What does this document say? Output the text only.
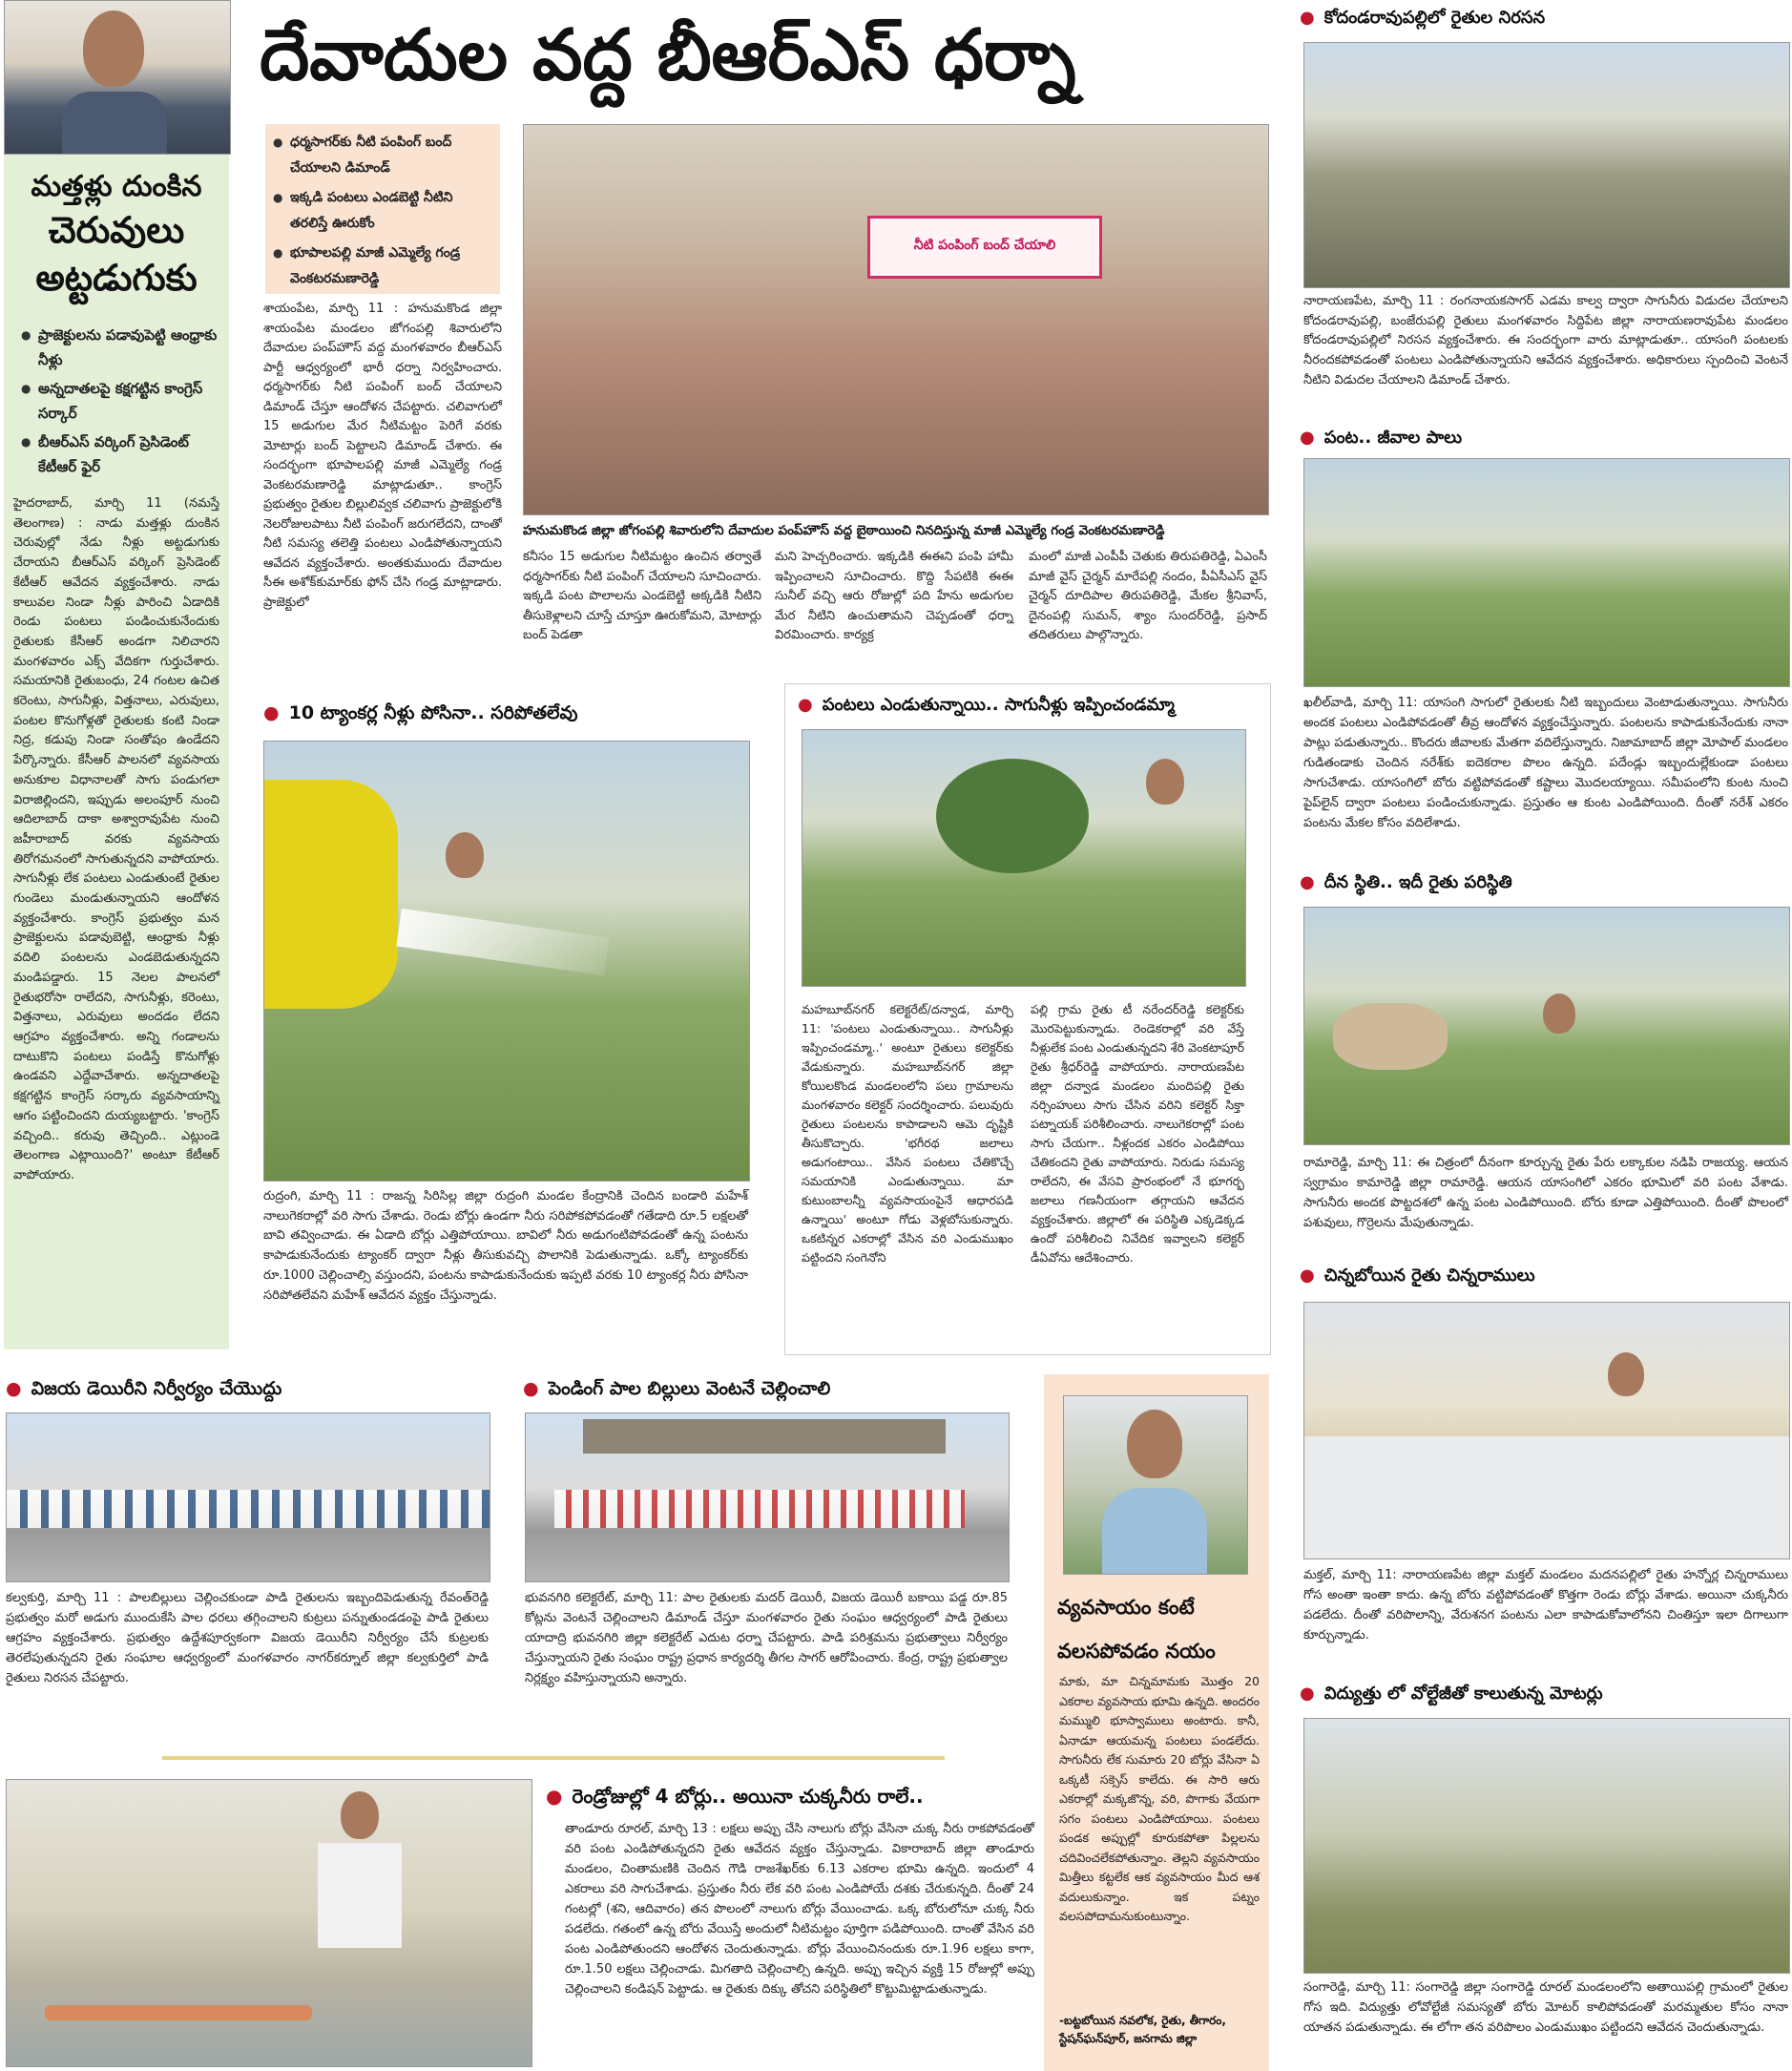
మత్తళ్లు దుంకిన
చెరువులు
అట్టడుగుకు
● ప్రాజెక్టులను పడావుపెట్టి ఆంధ్రాకు నీళ్లు
● అన్నదాతలపై కక్షగట్టిన కాంగ్రెస్ సర్కార్
● బీఆర్ఎస్ వర్కింగ్ ప్రెసిడెంట్ కేటీఆర్ ఫైర్
హైదరాబాద్, మార్చి 11 (నమస్తే తెలంగాణ) : నాడు మత్తళ్లు దుంకిన చెరువుల్లో నేడు నీళ్లు అట్టడుగుకు చేరాయని బీఆర్ఎస్ వర్కింగ్ ప్రెసిడెంట్ కేటీఆర్ ఆవేదన వ్యక్తంచేశారు. నాడు కాలువల నిండా నీళ్లు పారించి ఏడాదికి రెండు పంటలు పండించుకునేందుకు రైతులకు కేసీఆర్ అండగా నిలిచారని మంగళవారం ఎక్స్ వేదికగా గుర్తుచేశారు. సమయానికి రైతుబంధు, 24 గంటల ఉచిత కరెంటు, సాగునీళ్లు, విత్తనాలు, ఎరువులు, పంటల కొనుగోళ్లతో రైతులకు కంటి నిండా నిద్ర, కడుపు నిండా సంతోషం ఉండేదని పేర్కొన్నారు. కేసీఆర్ పాలనలో వ్యవసాయ అనుకూల విధానాలతో సాగు పండుగలా విరాజిల్లిందని, ఇప్పుడు అలంపూర్ నుంచి ఆదిలాబాద్ దాకా అశ్వారావుపేట నుంచి జహీరాబాద్ వరకు వ్యవసాయ తిరోగమనంలో సాగుతున్నదని వాపోయారు. సాగునీళ్లు లేక పంటలు ఎండుతుంటే రైతుల గుండెలు మండుతున్నాయని ఆందోళన వ్యక్తంచేశారు. కాంగ్రెస్ ప్రభుత్వం మన ప్రాజెక్టులను పడావుబెట్టి, ఆంధ్రాకు నీళ్లు వదిలి పంటలను ఎండబెడుతున్నదని మండిపడ్డారు. 15 నెలల పాలనలో రైతుభరోసా రాలేదని, సాగునీళ్లు, కరెంటు, విత్తనాలు, ఎరువులు అందడం లేదని ఆగ్రహం వ్యక్తంచేశారు. అన్ని గండాలను దాటుకొని పంటలు పండిస్తే కొనుగోళ్లు ఉండవని ఎద్దేవాచేశారు. అన్నదాతలపై కక్షగట్టిన కాంగ్రెస్ సర్కారు వ్యవసాయాన్ని ఆగం పట్టించిందని దుయ్యబట్టారు. 'కాంగ్రెస్ వచ్చింది.. కరువు తెచ్చింది.. ఎట్లుండె తెలంగాణ ఎట్లాయింది?' అంటూ కేటీఆర్ వాపోయారు.
దేవాదుల వద్ద బీఆర్ఎస్ ధర్నా
● ధర్మసాగర్‌కు నీటి పంపింగ్ బంద్ చేయాలని డిమాండ్
● ఇక్కడి పంటలు ఎండబెట్టి నీటిని తరలిస్తే ఊరుకోం
● భూపాలపల్లి మాజీ ఎమ్మెల్యే గండ్ర వెంకటరమణారెడ్డి
శాయంపేట, మార్చి 11 : హనుమకొండ జిల్లా శాయంపేట మండలం జోగంపల్లి శివారులోని దేవాదుల పంప్‌హౌస్ వద్ద మంగళవారం బీఆర్ఎస్ పార్టీ ఆధ్వర్యంలో భారీ ధర్నా నిర్వహించారు. ధర్మసాగర్‌కు నీటి పంపింగ్ బంద్ చేయాలని డిమాండ్ చేస్తూ ఆందోళన చేపట్టారు. చలివాగులో 15 అడుగుల మేర నీటిమట్టం పెరిగే వరకు మోటార్లు బంద్ పెట్టాలని డిమాండ్ చేశారు. ఈ సందర్భంగా భూపాలపల్లి మాజీ ఎమ్మెల్యే గండ్ర వెంకటరమణారెడ్డి మాట్లాడుతూ.. కాంగ్రెస్ ప్రభుత్వం రైతుల బిల్లులివ్వక చలివాగు ప్రాజెక్టులోకి నెలరోజులపాటు నీటి పంపింగ్ జరుగలేదని, దాంతో నీటి సమస్య తలెత్తి పంటలు ఎండిపోతున్నాయని ఆవేదన వ్యక్తంచేశారు. అంతకుముందు దేవాదుల సీఈ అశోక్‌కుమార్‌కు ఫోన్ చేసి గండ్ర మాట్లాడారు. ప్రాజెక్టులో
నీటి పంపింగ్ బంద్ చేయాలి
హనుమకొండ జిల్లా జోగంపల్లి శివారులోని దేవాదుల పంప్‌హౌస్ వద్ద బైఠాయించి నినదిస్తున్న మాజీ ఎమ్మెల్యే గండ్ర వెంకటరమణారెడ్డి
కనీసం 15 అడుగుల నీటిమట్టం ఉంచిన తర్వాతే ధర్మసాగర్‌కు నీటి పంపింగ్ చేయాలని సూచించారు. ఇక్కడి పంట పొలాలను ఎండబెట్టి అక్కడికి నీటిని తీసుకెళ్లాలని చూస్తే చూస్తూ ఊరుకోమని, మోటార్లు బంద్ పెడతా
మని హెచ్చరించారు. ఇక్కడికి ఈఈని పంపి హామీ ఇప్పించాలని సూచించారు. కొద్ది సేపటికి ఈఈ సునీల్ వచ్చి ఆరు రోజుల్లో పది హేను అడుగుల మేర నీటిని ఉంచుతామని చెప్పడంతో ధర్నా విరమించారు. కార్యక్ర
మంలో మాజీ ఎంపీపీ చెతుకు తిరుపతిరెడ్డి, ఏఎంసీ మాజీ వైస్ చైర్మన్ మారేపల్లి నందం, పీఏసీఎస్ వైస్ చైర్మన్ దూదిపాల తిరుపతిరెడ్డి, మేకల శ్రీనివాస్, దైనంపల్లి సుమన్, శ్యాం సుందర్‌రెడ్డి, ప్రసాద్ తదితరులు పాల్గొన్నారు.
● 10 ట్యాంకర్ల నీళ్లు పోసినా.. సరిపోతలేవు
రుద్రంగి, మార్చి 11 : రాజన్న సిరిసిల్ల జిల్లా రుద్రంగి మండల కేంద్రానికి చెందిన బండారి మహేశ్ నాలుగెకరాల్లో వరి సాగు చేశాడు. రెండు బోర్లు ఉండగా నీరు సరిపోకపోవడంతో గతేడాది రూ.5 లక్షలతో బావి తవ్వించాడు. ఈ ఏడాది బోర్లు ఎత్తిపోయాయి. బావిలో నీరు అడుగంటిపోవడంతో ఉన్న పంటను కాపాడుకునేందుకు ట్యాంకర్ ద్వారా నీళ్లు తీసుకువచ్చి పొలానికి పెడుతున్నాడు. ఒక్కో ట్యాంకర్‌కు రూ.1000 చెల్లించాల్సి వస్తుందని, పంటను కాపాడుకునేందుకు ఇప్పటి వరకు 10 ట్యాంకర్ల నీరు పోసినా సరిపోతలేవని మహేశ్ ఆవేదన వ్యక్తం చేస్తున్నాడు.
● పంటలు ఎండుతున్నాయి.. సాగునీళ్లు ఇప్పించండమ్మా
మహబూబ్‌నగర్ కలెక్టరేట్/దన్వాడ, మార్చి 11: 'పంటలు ఎండుతున్నాయి.. సాగునీళ్లు ఇప్పించండమ్మా..' అంటూ రైతులు కలెక్టర్‌కు వేడుకున్నారు. మహబూబ్‌నగర్ జిల్లా కోయిలకొండ మండలంలోని పలు గ్రామాలను మంగళవారం కలెక్టర్ సందర్శించారు. పలువురు రైతులు పంటలను కాపాడాలని ఆమె దృష్టికి తీసుకొచ్చారు. 'భగీరథ జలాలు అడుగంటాయి.. వేసిన పంటలు చేతికొచ్చే సమయానికి ఎండుతున్నాయి. మా కుటుంబాలన్నీ వ్యవసాయంపైనే ఆధారపడి ఉన్నాయి' అంటూ గోడు వెళ్లబోసుకున్నారు. ఒకటిన్నర ఎకరాల్లో వేసిన వరి ఎండుముఖం పట్టిందని సంగెనోని
పల్లి గ్రామ రైతు టీ నరేందర్‌రెడ్డి కలెక్టర్‌కు మొరపెట్టుకున్నాడు. రెండెకరాల్లో వరి వేస్తే నీళ్లులేక పంట ఎండుతున్నదని శేరి వెంకటాపూర్ రైతు శ్రీధర్‌రెడ్డి వాపోయారు. నారాయణపేట జిల్లా దన్వాడ మండలం మందిపల్లి రైతు నర్సింహులు సాగు చేసిన వరిని కలెక్టర్ సిక్తా పట్నాయక్ పరిశీలించారు. నాలుగెకరాల్లో పంట సాగు చేయగా.. నీళ్లందక ఎకరం ఎండిపోయి చేతికందని రైతు వాపోయారు. నిరుడు సమస్య రాలేదని, ఈ వేసవి ప్రారంభంలో నే భూగర్భ జలాలు గణనీయంగా తగ్గాయని ఆవేదన వ్యక్తంచేశారు. జిల్లాలో ఈ పరిస్థితి ఎక్కడెక్కడ ఉందో పరిశీలించి నివేదిక ఇవ్వాలని కలెక్టర్ డీఏవోను ఆదేశించారు.
● కోదండరావుపల్లిలో రైతుల నిరసన
నారాయణపేట, మార్చి 11 : రంగనాయకసాగర్ ఎడమ కాల్వ ద్వారా సాగునీరు విడుదల చేయాలని కోదండరావుపల్లి, బంజేరుపల్లి రైతులు మంగళవారం సిద్దిపేట జిల్లా నారాయణరావుపేట మండలం కోదండరావుపల్లిలో నిరసన వ్యక్తంచేశారు. ఈ సందర్భంగా వారు మాట్లాడుతూ.. యాసంగి పంటలకు నీరందకపోవడంతో పంటలు ఎండిపోతున్నాయని ఆవేదన వ్యక్తంచేశారు. అధికారులు స్పందించి వెంటనే నీటిని విడుదల చేయాలని డిమాండ్ చేశారు.
● పంట.. జీవాల పాలు
ఖలీల్‌వాడి, మార్చి 11: యాసంగి సాగులో రైతులకు నీటి ఇబ్బందులు వెంటాడుతున్నాయి. సాగునీరు అందక పంటలు ఎండిపోవడంతో తీవ్ర ఆందోళన వ్యక్తంచేస్తున్నారు. పంటలను కాపాడుకునేందుకు నానా పాట్లు పడుతున్నారు.. కొందరు జీవాలకు మేతగా వదిలేస్తున్నారు. నిజామాబాద్ జిల్లా మోపాల్ మండలం గుడితండాకు చెందిన నరేశ్‌కు ఐదెకరాల పొలం ఉన్నది. పదేండ్లు ఇబ్బందుల్లేకుండా పంటలు సాగుచేశాడు. యాసంగిలో బోరు వట్టిపోవడంతో కష్టాలు మొదలయ్యాయి. సమీపంలోని కుంట నుంచి పైప్‌లైన్ ద్వారా పంటలు పండించుకున్నాడు. ప్రస్తుతం ఆ కుంట ఎండిపోయింది. దీంతో నరేశ్ ఎకరం పంటను మేకల కోసం వదిలేశాడు.
● దీన స్థితి.. ఇదీ రైతు పరిస్థితి
రామారెడ్డి, మార్చి 11: ఈ చిత్రంలో దీనంగా కూర్చున్న రైతు పేరు లక్కాకుల నడిపి రాజయ్య. ఆయన స్వగ్రామం కామారెడ్డి జిల్లా రామారెడ్డి. ఆయన యాసంగిలో ఎకరం భూమిలో వరి పంట వేశాడు. సాగునీరు అందక పొట్టదశలో ఉన్న పంట ఎండిపోయింది. బోరు కూడా ఎత్తిపోయింది. దీంతో పొలంలో పశువులు, గొర్రెలను మేపుతున్నాడు.
● చిన్నబోయిన రైతు చిన్నరాములు
మక్తల్, మార్చి 11: నారాయణపేట జిల్లా మక్తల్ మండలం మదనపల్లిలో రైతు హన్నోర్ల చిన్నరాములు గోస అంతా ఇంతా కాదు. ఉన్న బోరు వట్టిపోవడంతో కొత్తగా రెండు బోర్లు వేశాడు. అయినా చుక్కనీరు పడలేదు. దీంతో వరిపొలాన్ని, వేరుశనగ పంటను ఎలా కాపాడుకోవాలోనని చింతిస్తూ ఇలా దిగాలుగా కూర్చున్నాడు.
● విద్యుత్తు లో వోల్టేజీతో కాలుతున్న మోటర్లు
సంగారెడ్డి, మార్చి 11: సంగారెడ్డి జిల్లా సంగారెడ్డి రూరల్ మండలంలోని అతాయిపల్లి గ్రామంలో రైతుల గోస ఇది. విద్యుత్తు లోవోల్టేజీ సమస్యతో బోరు మోటర్ కాలిపోవడంతో మరమ్మతుల కోసం నానా యాతన పడుతున్నాడు. ఈ లోగా తన వరిపొలం ఎండుముఖం పట్టిందని ఆవేదన చెందుతున్నాడు.
● విజయ డెయిరీని నిర్వీర్యం చేయొద్దు
కల్వకుర్తి, మార్చి 11 : పాలబిల్లులు చెల్లించకుండా పాడి రైతులను ఇబ్బందిపెడుతున్న రేవంత్‌రెడ్డి ప్రభుత్వం మరో అడుగు ముందుకేసి పాల ధరలు తగ్గించాలని కుట్రలు పన్నుతుండడంపై పాడి రైతులు ఆగ్రహం వ్యక్తంచేశారు. ప్రభుత్వం ఉద్దేశపూర్వకంగా విజయ డెయిరీని నిర్వీర్యం చేసే కుట్రలకు తెరలేపుతున్నదని రైతు సంఘాల ఆధ్వర్యంలో మంగళవారం నాగర్‌కర్నూల్ జిల్లా కల్వకుర్తిలో పాడి రైతులు నిరసన చేపట్టారు.
● పెండింగ్ పాల బిల్లులు వెంటనే చెల్లించాలి
భువనగిరి కలెక్టరేట్, మార్చి 11: పాల రైతులకు మదర్ డెయిరీ, విజయ డెయిరీ బకాయి పడ్డ రూ.85 కోట్లను వెంటనే చెల్లించాలని డిమాండ్ చేస్తూ మంగళవారం రైతు సంఘం ఆధ్వర్యంలో పాడి రైతులు యాదాద్రి భువనగిరి జిల్లా కలెక్టరేట్ ఎదుట ధర్నా చేపట్టారు. పాడి పరిశ్రమను ప్రభుత్వాలు నిర్వీర్యం చేస్తున్నాయని రైతు సంఘం రాష్ట్ర ప్రధాన కార్యదర్శి తీగల సాగర్ ఆరోపించారు. కేంద్ర, రాష్ట్ర ప్రభుత్వాల నిర్లక్ష్యం వహిస్తున్నాయని అన్నారు.
వ్యవసాయం కంటే
వలసపోవడం నయం
మాకు, మా చిన్నమామకు మొత్తం 20 ఎకరాల వ్యవసాయ భూమి ఉన్నది. అందరం మమ్ములి భూస్వాములు అంటారు. కానీ, ఏనాడూ ఆయమన్న పంటలు పండలేదు. సాగునీరు లేక సుమారు 20 బోర్లు వేసినా ఏ ఒక్కటీ సక్సెస్ కాలేదు. ఈ సారి ఆరు ఎకరాల్లో మక్కజొన్న, వరి, పొగాకు వేయగా సగం పంటలు ఎండిపోయాయి. పంటలు పండక అప్పుల్లో కూరుకపోతా పిల్లలను చదివించలేకపోతున్నాం. తెల్లని వ్యవసాయం మిత్తీలు కట్టలేక ఆక వ్యవసాయం మీద ఆశ వదులుకున్నాం. ఇక పట్నం వలసపోదామనుకుంటున్నాం.
-బట్టబోయిన నవలోక, రైతు, తీగారం, స్టేషన్‌ఘన్‌పూర్, జనగామ జిల్లా
● రెండ్రోజుల్లో 4 బోర్లు.. అయినా చుక్కనీరు రాలే..
తాండూరు రూరల్, మార్చి 13 : లక్షలు అప్పు చేసి నాలుగు బోర్లు వేసినా చుక్క నీరు రాకపోవడంతో వరి పంట ఎండిపోతున్నదని రైతు ఆవేదన వ్యక్తం చేస్తున్నాడు. వికారాబాద్ జిల్లా తాండూరు మండలం, చింతామణికి చెందిన గౌడి రాజశేఖర్‌కు 6.13 ఎకరాల భూమి ఉన్నది. ఇందులో 4 ఎకరాలు వరి సాగుచేశాడు. ప్రస్తుతం నీరు లేక వరి పంట ఎండిపోయే దశకు చేరుకున్నది. దీంతో 24 గంటల్లో (శని, ఆదివారం) తన పొలంలో నాలుగు బోర్లు వేయించాడు. ఒక్క బోరులోనూ చుక్క నీరు పడలేదు. గతంలో ఉన్న బోరు వేయిస్తే అందులో నీటిమట్టం పూర్తిగా పడిపోయింది. దాంతో వేసిన వరి పంట ఎండిపోతుందని ఆందోళన చెందుతున్నాడు. బోర్లు వేయించినందుకు రూ.1.96 లక్షలు కాగా, రూ.1.50 లక్షలు చెల్లించాడు. మిగతాది చెల్లించాల్సి ఉన్నది. అప్పు ఇచ్చిన వ్యక్తి 15 రోజుల్లో అప్పు చెల్లించాలని కండిషన్ పెట్టాడు. ఆ రైతుకు దిక్కు తోచని పరిస్థితిలో కొట్టుమిట్టాడుతున్నాడు.
